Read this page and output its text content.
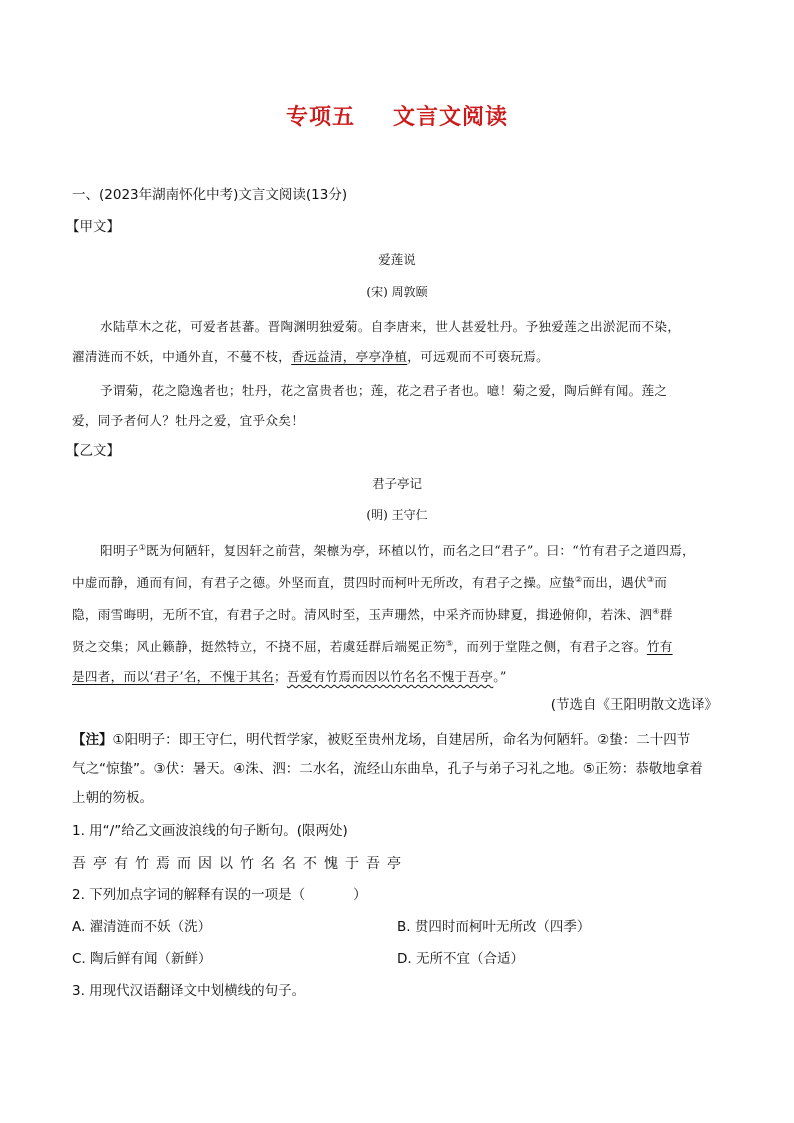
专项五 文言文阅读
一、(2023年湖南怀化中考)文言文阅读(13分)
【甲文】
爱莲说
(宋) 周敦颐
水陆草木之花，可爱者甚蕃。晋陶渊明独爱菊。自李唐来，世人甚爱牡丹。予独爱莲之出淤泥而不染，
濯清涟而不妖，中通外直，不蔓不枝，香远益清，亭亭净植，可远观而不可亵玩焉。
予谓菊，花之隐逸者也；牡丹，花之富贵者也；莲，花之君子者也。噫！菊之爱，陶后鲜有闻。莲之
爱，同予者何人？牡丹之爱，宜乎众矣！
【乙文】
君子亭记
(明) 王守仁
阳明子①既为何陋轩，复因轩之前营，架檩为亭，环植以竹，而名之曰“君子”。曰：“竹有君子之道四焉，
中虚而静，通而有间，有君子之德。外坚而直，贯四时而柯叶无所改，有君子之操。应蛰②而出，遇伏③而
隐，雨雪晦明，无所不宜，有君子之时。清风时至，玉声珊然，中采齐而协肆夏，揖逊俯仰，若洙、泗④群
贤之交集；风止籁静，挺然特立，不挠不屈，若虞廷群后端冕正笏⑤，而列于堂陛之侧，有君子之容。竹有
是四者，而以‘君子’名，不愧于其名；吾爱有竹焉而因以竹名名不愧于吾亭。”
(节选自《王阳明散文选译》
【注】①阳明子：即王守仁，明代哲学家，被贬至贵州龙场，自建居所，命名为何陋轩。②蛰：二十四节
气之“惊蛰”。③伏：暑天。④洙、泗：二水名，流经山东曲阜，孔子与弟子习礼之地。⑤正笏：恭敬地拿着
上朝的笏板。
1. 用“/”给乙文画波浪线的句子断句。(限两处)
吾亭有竹焉而因以竹名名不愧于吾亭
2. 下列加点字词的解释有误的一项是（	）
A. 濯清涟而不妖（洗）	B. 贯四时而柯叶无所改（四季）
C. 陶后鲜有闻（新鲜）	D. 无所不宜（合适）
3. 用现代汉语翻译文中划横线的句子。
